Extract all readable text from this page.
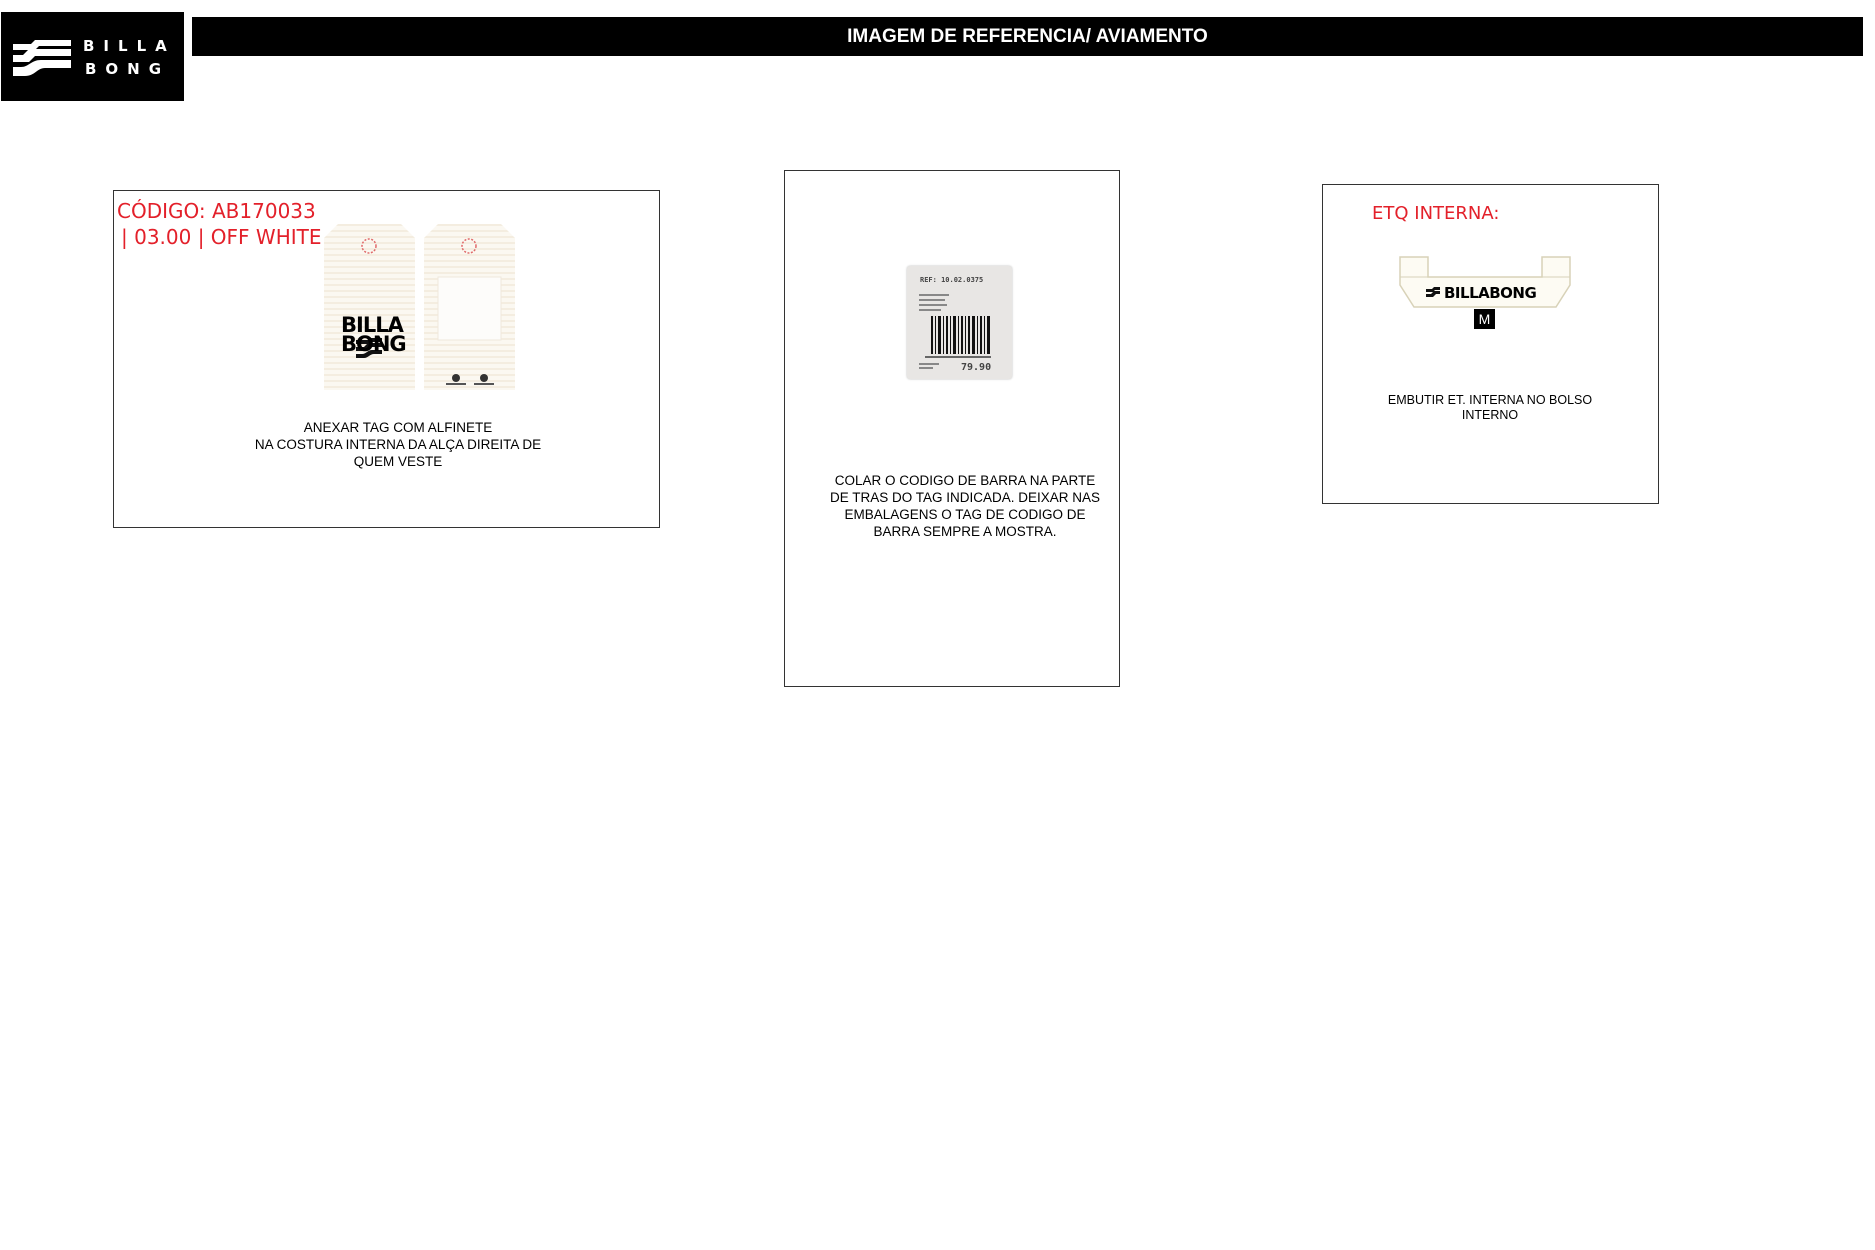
BILLA
BONG
IMAGEM DE REFERENCIA/ AVIAMENTO
CÓDIGO: AB170033
| 03.00 | OFF WHITE
BILLA
BONG
ANEXAR TAG COM ALFINETE
NA COSTURA INTERNA DA ALÇA DIREITA DE
QUEM VESTE
REF: 10.02.0375
79.90
COLAR O CODIGO DE BARRA NA PARTE
DE TRAS DO TAG INDICADA. DEIXAR NAS
EMBALAGENS O TAG DE CODIGO DE
BARRA SEMPRE A MOSTRA.
ETQ INTERNA:
BILLABONG
M
EMBUTIR ET. INTERNA NO BOLSO
INTERNO
